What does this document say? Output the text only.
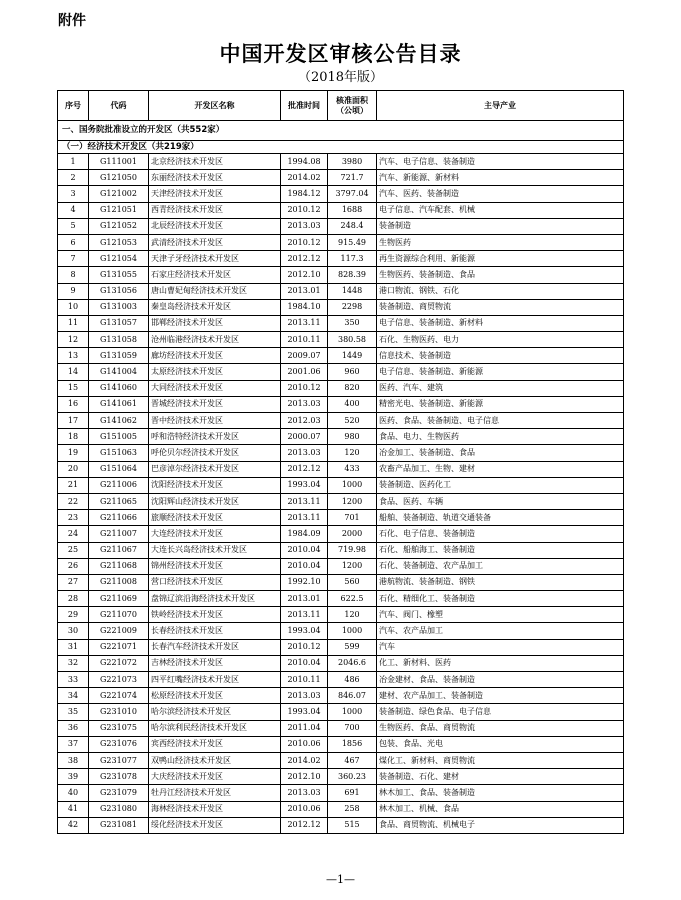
附件
中国开发区审核公告目录
（2018年版）
序号	代码	开发区名称	批准时间	核准面积（公顷）	主导产业
一、国务院批准设立的开发区（共552家）					
（一）经济技术开发区（共219家）					
1	G111001	北京经济技术开发区	1994.08	3980	汽车、电子信息、装备制造
2	G121050	东丽经济技术开发区	2014.02	721.7	汽车、新能源、新材料
3	G121002	天津经济技术开发区	1984.12	3797.04	汽车、医药、装备制造
4	G121051	西青经济技术开发区	2010.12	1688	电子信息、汽车配套、机械
5	G121052	北辰经济技术开发区	2013.03	248.4	装备制造
6	G121053	武清经济技术开发区	2010.12	915.49	生物医药
7	G121054	天津子牙经济技术开发区	2012.12	117.3	再生资源综合利用、新能源
8	G131055	石家庄经济技术开发区	2012.10	828.39	生物医药、装备制造、食品
9	G131056	唐山曹妃甸经济技术开发区	2013.01	1448	港口物流、钢铁、石化
10	G131003	秦皇岛经济技术开发区	1984.10	2298	装备制造、商贸物流
11	G131057	邯郸经济技术开发区	2013.11	350	电子信息、装备制造、新材料
12	G131058	沧州临港经济技术开发区	2010.11	380.58	石化、生物医药、电力
13	G131059	廊坊经济技术开发区	2009.07	1449	信息技术、装备制造
14	G141004	太原经济技术开发区	2001.06	960	电子信息、装备制造、新能源
15	G141060	大同经济技术开发区	2010.12	820	医药、汽车、建筑
16	G141061	晋城经济技术开发区	2013.03	400	精密光电、装备制造、新能源
17	G141062	晋中经济技术开发区	2012.03	520	医药、食品、装备制造、电子信息
18	G151005	呼和浩特经济技术开发区	2000.07	980	食品、电力、生物医药
19	G151063	呼伦贝尔经济技术开发区	2013.03	120	冶金加工、装备制造、食品
20	G151064	巴彦淖尔经济技术开发区	2012.12	433	农畜产品加工、生物、建材
21	G211006	沈阳经济技术开发区	1993.04	1000	装备制造、医药化工
22	G211065	沈阳辉山经济技术开发区	2013.11	1200	食品、医药、车辆
23	G211066	旅顺经济技术开发区	2013.11	701	船舶、装备制造、轨道交通装备
24	G211007	大连经济技术开发区	1984.09	2000	石化、电子信息、装备制造
25	G211067	大连长兴岛经济技术开发区	2010.04	719.98	石化、船舶海工、装备制造
26	G211068	锦州经济技术开发区	2010.04	1200	石化、装备制造、农产品加工
27	G211008	营口经济技术开发区	1992.10	560	港航物流、装备制造、钢铁
28	G211069	盘锦辽滨沿海经济技术开发区	2013.01	622.5	石化、精细化工、装备制造
29	G211070	铁岭经济技术开发区	2013.11	120	汽车、阀门、橡塑
30	G221009	长春经济技术开发区	1993.04	1000	汽车、农产品加工
31	G221071	长春汽车经济技术开发区	2010.12	599	汽车
32	G221072	吉林经济技术开发区	2010.04	2046.6	化工、新材料、医药
33	G221073	四平红嘴经济技术开发区	2010.11	486	冶金建材、食品、装备制造
34	G221074	松原经济技术开发区	2013.03	846.07	建材、农产品加工、装备制造
35	G231010	哈尔滨经济技术开发区	1993.04	1000	装备制造、绿色食品、电子信息
36	G231075	哈尔滨利民经济技术开发区	2011.04	700	生物医药、食品、商贸物流
37	G231076	宾西经济技术开发区	2010.06	1856	包装、食品、光电
38	G231077	双鸭山经济技术开发区	2014.02	467	煤化工、新材料、商贸物流
39	G231078	大庆经济技术开发区	2012.10	360.23	装备制造、石化、建材
40	G231079	牡丹江经济技术开发区	2013.03	691	林木加工、食品、装备制造
41	G231080	海林经济技术开发区	2010.06	258	林木加工、机械、食品
42	G231081	绥化经济技术开发区	2012.12	515	食品、商贸物流、机械电子
—1—
